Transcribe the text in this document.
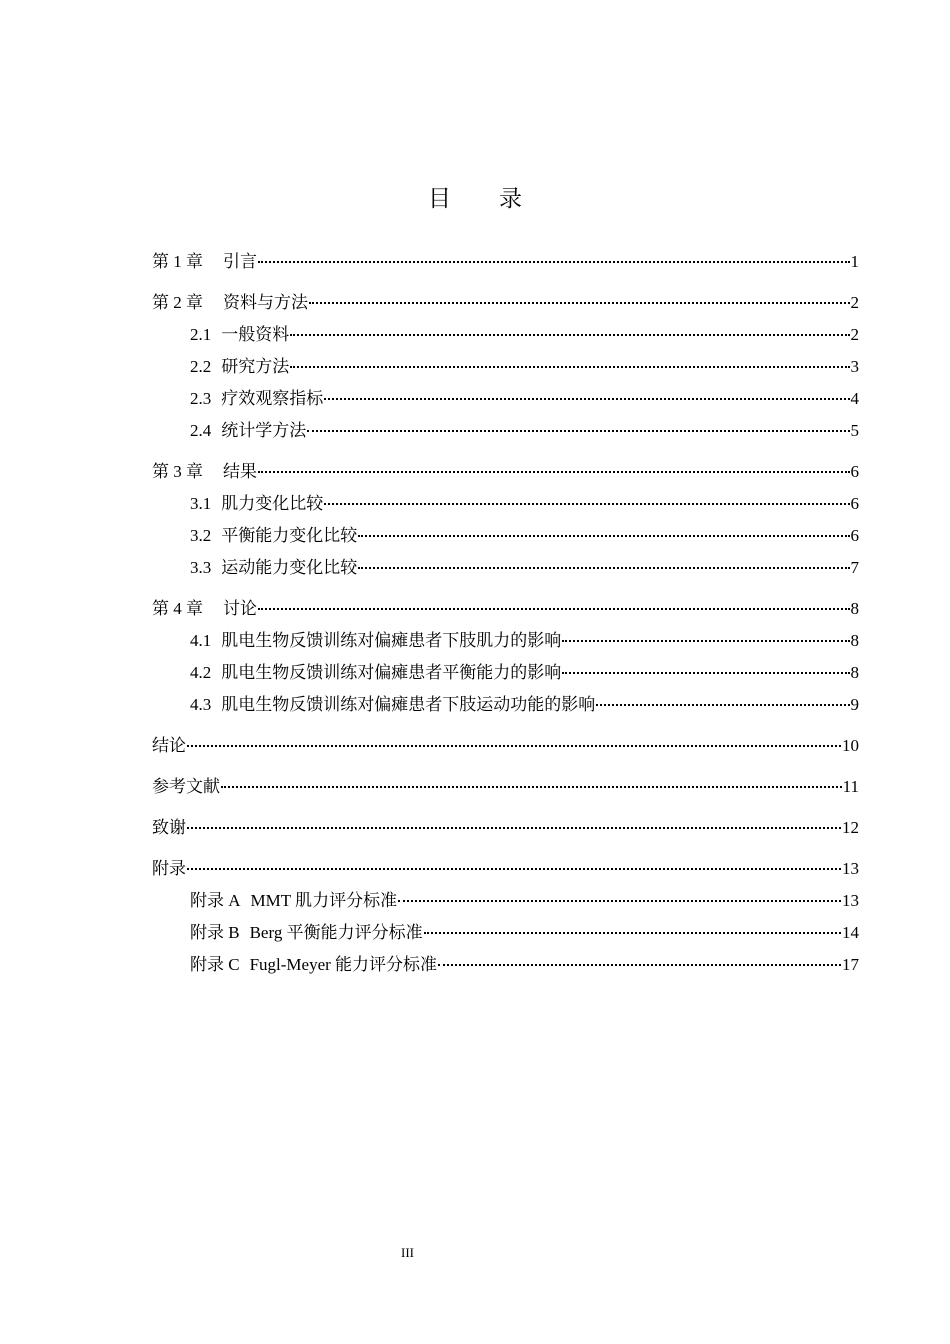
目 录
第 1 章 引言	1
第 2 章 资料与方法	2
2.1 一般资料	2
2.2 研究方法	3
2.3 疗效观察指标	4
2.4 统计学方法	5
第 3 章 结果	6
3.1 肌力变化比较	6
3.2 平衡能力变化比较	6
3.3 运动能力变化比较	7
第 4 章 讨论	8
4.1 肌电生物反馈训练对偏瘫患者下肢肌力的影响	8
4.2 肌电生物反馈训练对偏瘫患者平衡能力的影响	8
4.3 肌电生物反馈训练对偏瘫患者下肢运动功能的影响	9
结论	10
参考文献	11
致谢	12
附录	13
附录 A MMT 肌力评分标准	13
附录 B Berg 平衡能力评分标准	14
附录 C Fugl-Meyer 能力评分标准	17
III
